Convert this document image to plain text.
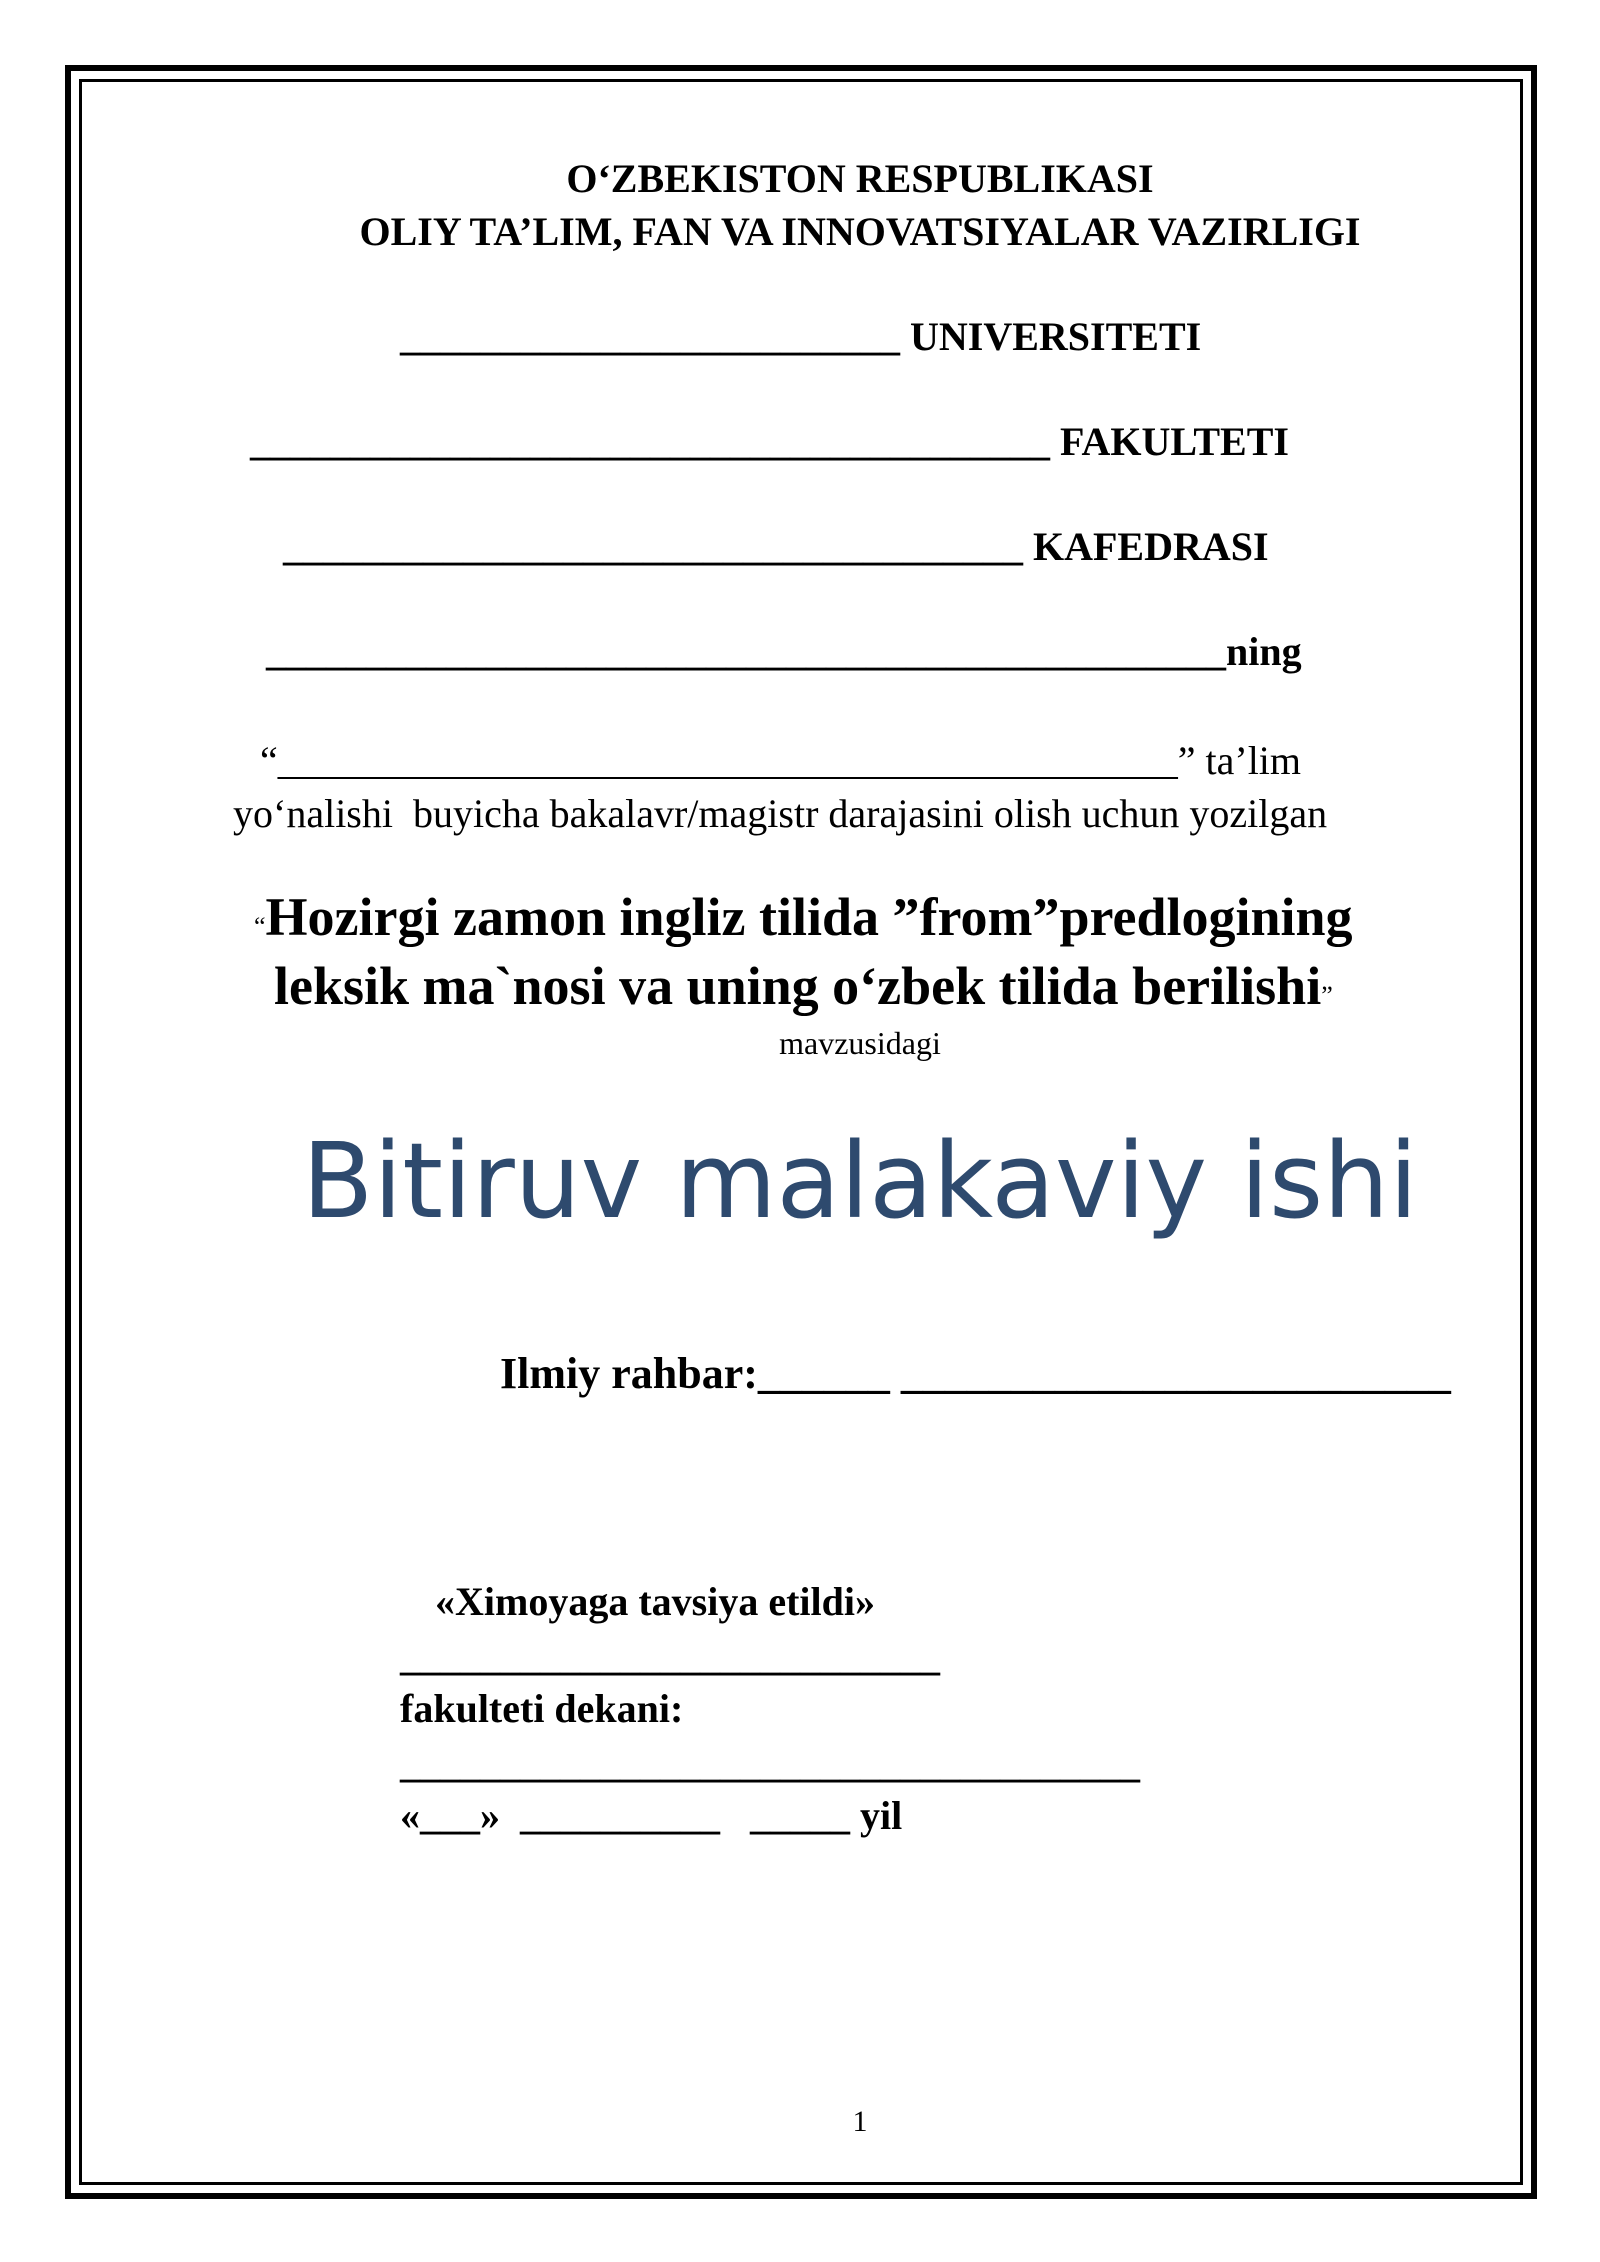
O‘ZBEKISTON RESPUBLIKASI
OLIY TA’LIM, FAN VA INNOVATSIYALAR VAZIRLIGI
_________________________ UNIVERSITETI
________________________________________ FAKULTETI
_____________________________________ KAFEDRASI
________________________________________________ning
“_____________________________________________” ta’lim
yo‘nalishi  buyicha bakalavr/magistr darajasini olish uchun yozilgan
“Hozirgi zamon ingliz tilida ”from”predlogining
leksik ma`nosi va uning o‘zbek tilida berilishi”
mavzusidagi
Bitiruv malakaviy ishi
Ilmiy rahbar:______ _________________________
«Ximoyaga tavsiya etildi»
___________________________
fakulteti dekani:
_____________________________________
«___»  __________   _____ yil
1
